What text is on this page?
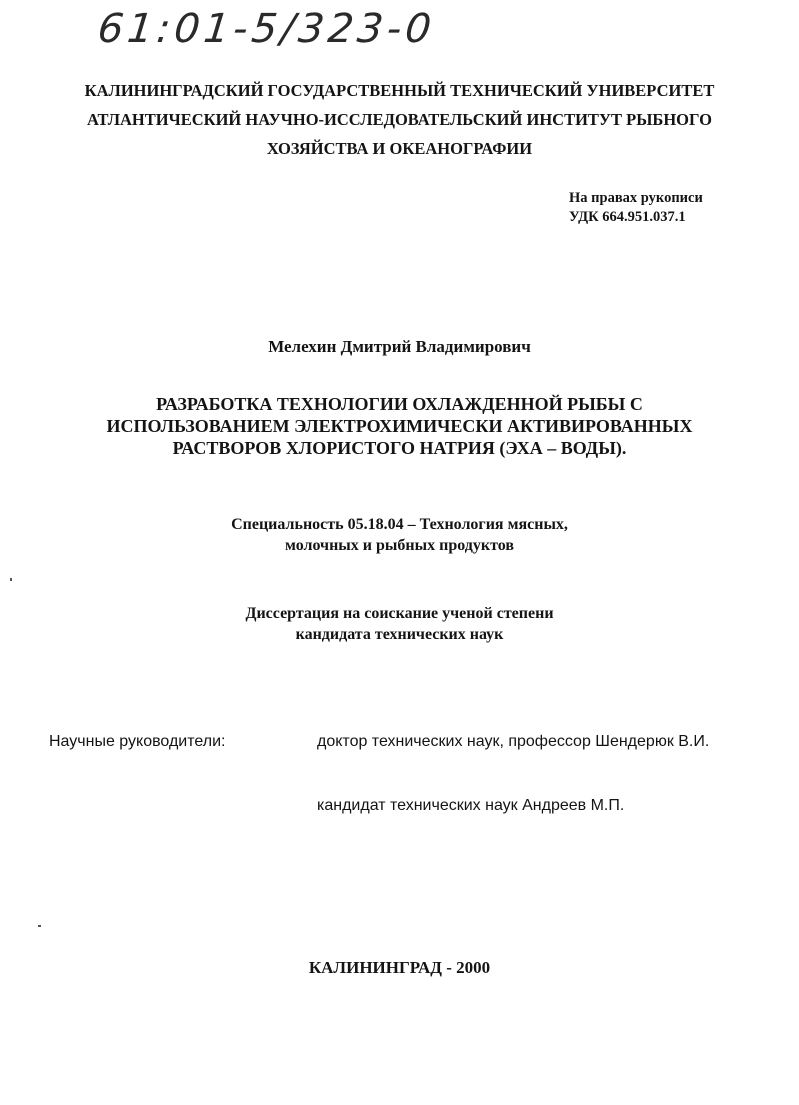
61:01-5/323-0
КАЛИНИНГРАДСКИЙ ГОСУДАРСТВЕННЫЙ ТЕХНИЧЕСКИЙ УНИВЕРСИТЕТ
АТЛАНТИЧЕСКИЙ НАУЧНО-ИССЛЕДОВАТЕЛЬСКИЙ ИНСТИТУТ РЫБНОГО
ХОЗЯЙСТВА И ОКЕАНОГРАФИИ
На правах рукописи
УДК 664.951.037.1
Мелехин Дмитрий Владимирович
РАЗРАБОТКА ТЕХНОЛОГИИ ОХЛАЖДЕННОЙ РЫБЫ С
ИСПОЛЬЗОВАНИЕМ ЭЛЕКТРОХИМИЧЕСКИ АКТИВИРОВАННЫХ
РАСТВОРОВ ХЛОРИСТОГО НАТРИЯ (ЭХА – ВОДЫ).
Специальность 05.18.04 – Технология мясных,
молочных и рыбных продуктов
Диссертация на соискание ученой степени
кандидата технических наук
Научные руководители:	доктор технических наук, профессор Шендерюк В.И.
кандидат технических наук Андреев М.П.
КАЛИНИНГРАД - 2000
